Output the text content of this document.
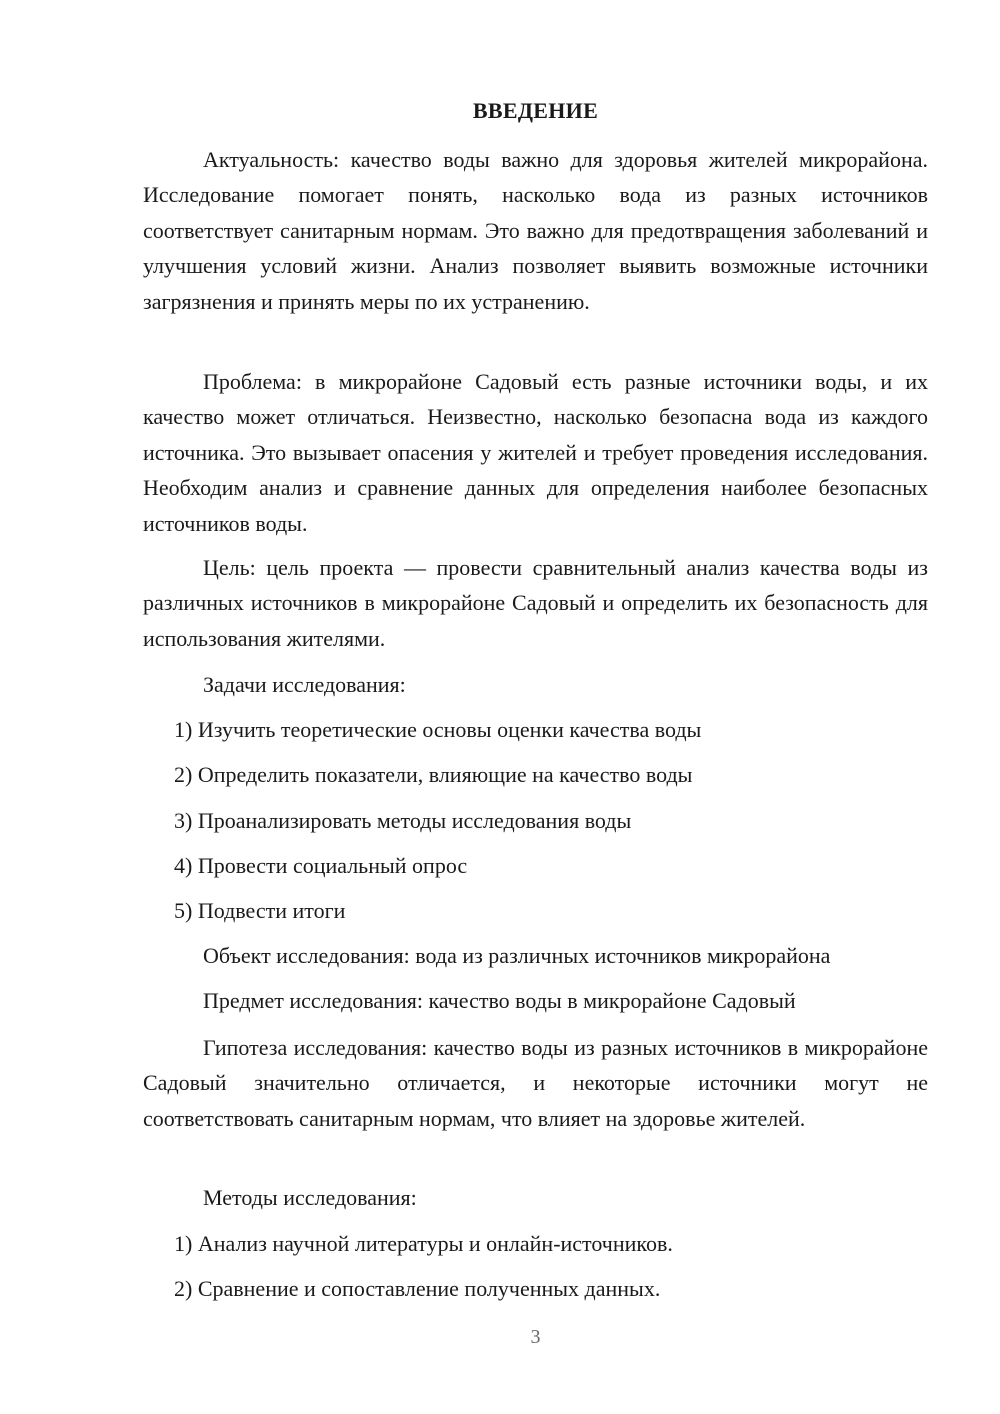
ВВЕДЕНИЕ

Актуальность: качество воды важно для здоровья жителей микрорайона. Исследование помогает понять, насколько вода из разных источников соответствует санитарным нормам. Это важно для предотвращения заболеваний и улучшения условий жизни. Анализ позволяет выявить возможные источники загрязнения и принять меры по их устранению.

Проблема: в микрорайоне Садовый есть разные источники воды, и их качество может отличаться. Неизвестно, насколько безопасна вода из каждого источника. Это вызывает опасения у жителей и требует проведения исследования. Необходим анализ и сравнение данных для определения наиболее безопасных источников воды.

Цель: цель проекта — провести сравнительный анализ качества воды из различных источников в микрорайоне Садовый и определить их безопасность для использования жителями.

Задачи исследования:

1) Изучить теоретические основы оценки качества воды

2) Определить показатели, влияющие на качество воды

3) Проанализировать методы исследования воды

4) Провести социальный опрос

5) Подвести итоги

Объект исследования: вода из различных источников микрорайона

Предмет исследования: качество воды в микрорайоне Садовый

Гипотеза исследования: качество воды из разных источников в микрорайоне Садовый значительно отличается, и некоторые источники могут не соответствовать санитарным нормам, что влияет на здоровье жителей.

Методы исследования:

1) Анализ научной литературы и онлайн-источников.

2) Сравнение и сопоставление полученных данных.

3
